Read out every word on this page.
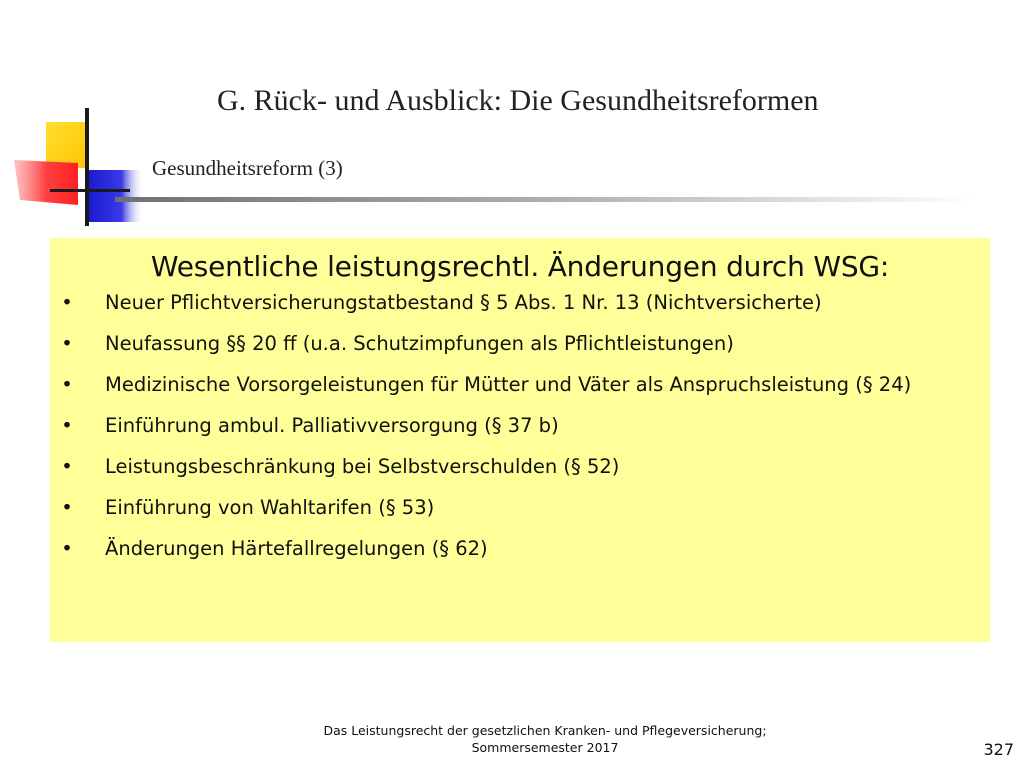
G. Rück- und Ausblick: Die Gesundheitsreformen
Gesundheitsreform (3)
Wesentliche leistungsrechtl. Änderungen durch WSG:
• Neuer Pflichtversicherungstatbestand § 5 Abs. 1 Nr. 13 (Nichtversicherte)
• Neufassung §§ 20 ff (u.a. Schutzimpfungen als Pflichtleistungen)
• Medizinische Vorsorgeleistungen für Mütter und Väter als Anspruchsleistung (§ 24)
• Einführung ambul. Palliativversorgung (§ 37 b)
• Leistungsbeschränkung bei Selbstverschulden (§ 52)
• Einführung von Wahltarifen (§ 53)
• Änderungen Härtefallregelungen (§ 62)
Das Leistungsrecht der gesetzlichen Kranken- und Pflegeversicherung;
Sommersemester 2017	327
